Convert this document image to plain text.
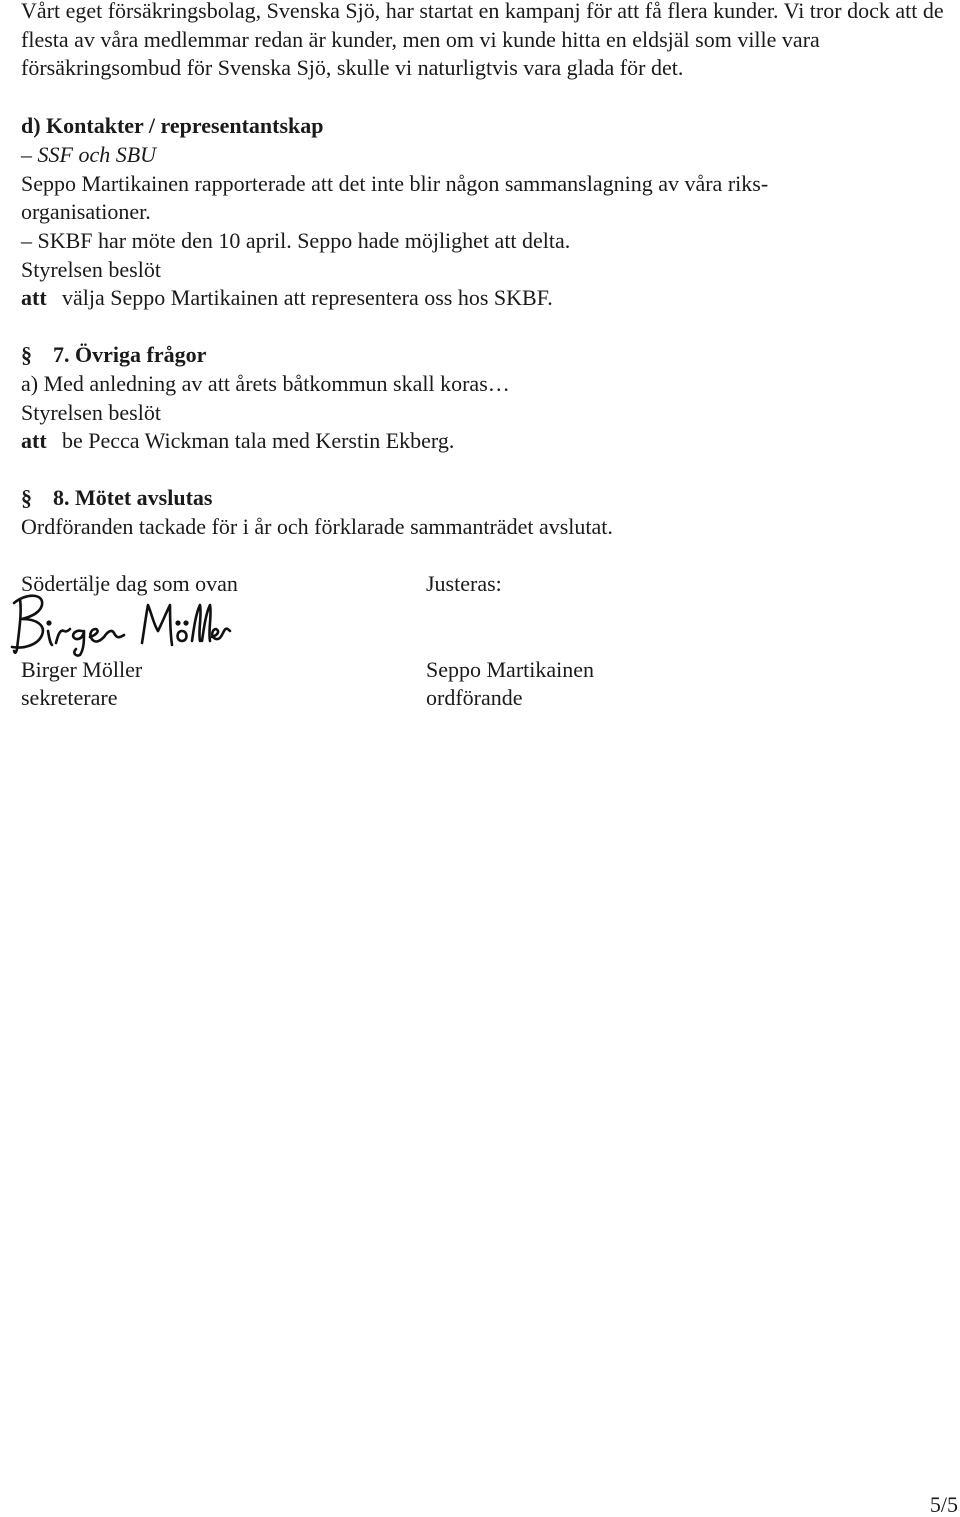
Vårt eget försäkringsbolag, Svenska Sjö, har startat en kampanj för att få flera kunder. Vi tror dock att de flesta av våra medlemmar redan är kunder, men om vi kunde hitta en eldsjäl som ville vara försäkringsombud för Svenska Sjö, skulle vi naturligtvis vara glada för det.
d) Kontakter / representantskap
– SSF och SBU
Seppo Martikainen rapporterade att det inte blir någon sammanslagning av våra riks-
organisationer.
– SKBF har möte den 10 april. Seppo hade möjlighet att delta.
Styrelsen beslöt
att välja Seppo Martikainen att representera oss hos SKBF.
§ 7. Övriga frågor
a) Med anledning av att årets båtkommun skall koras…
Styrelsen beslöt
att be Pecca Wickman tala med Kerstin Ekberg.
§ 8. Mötet avslutas
Ordföranden tackade för i år och förklarade sammanträdet avslutat.
Södertälje dag som ovan	Justeras:
Birger Möller
sekreterare
Seppo Martikainen
ordförande
5/5
